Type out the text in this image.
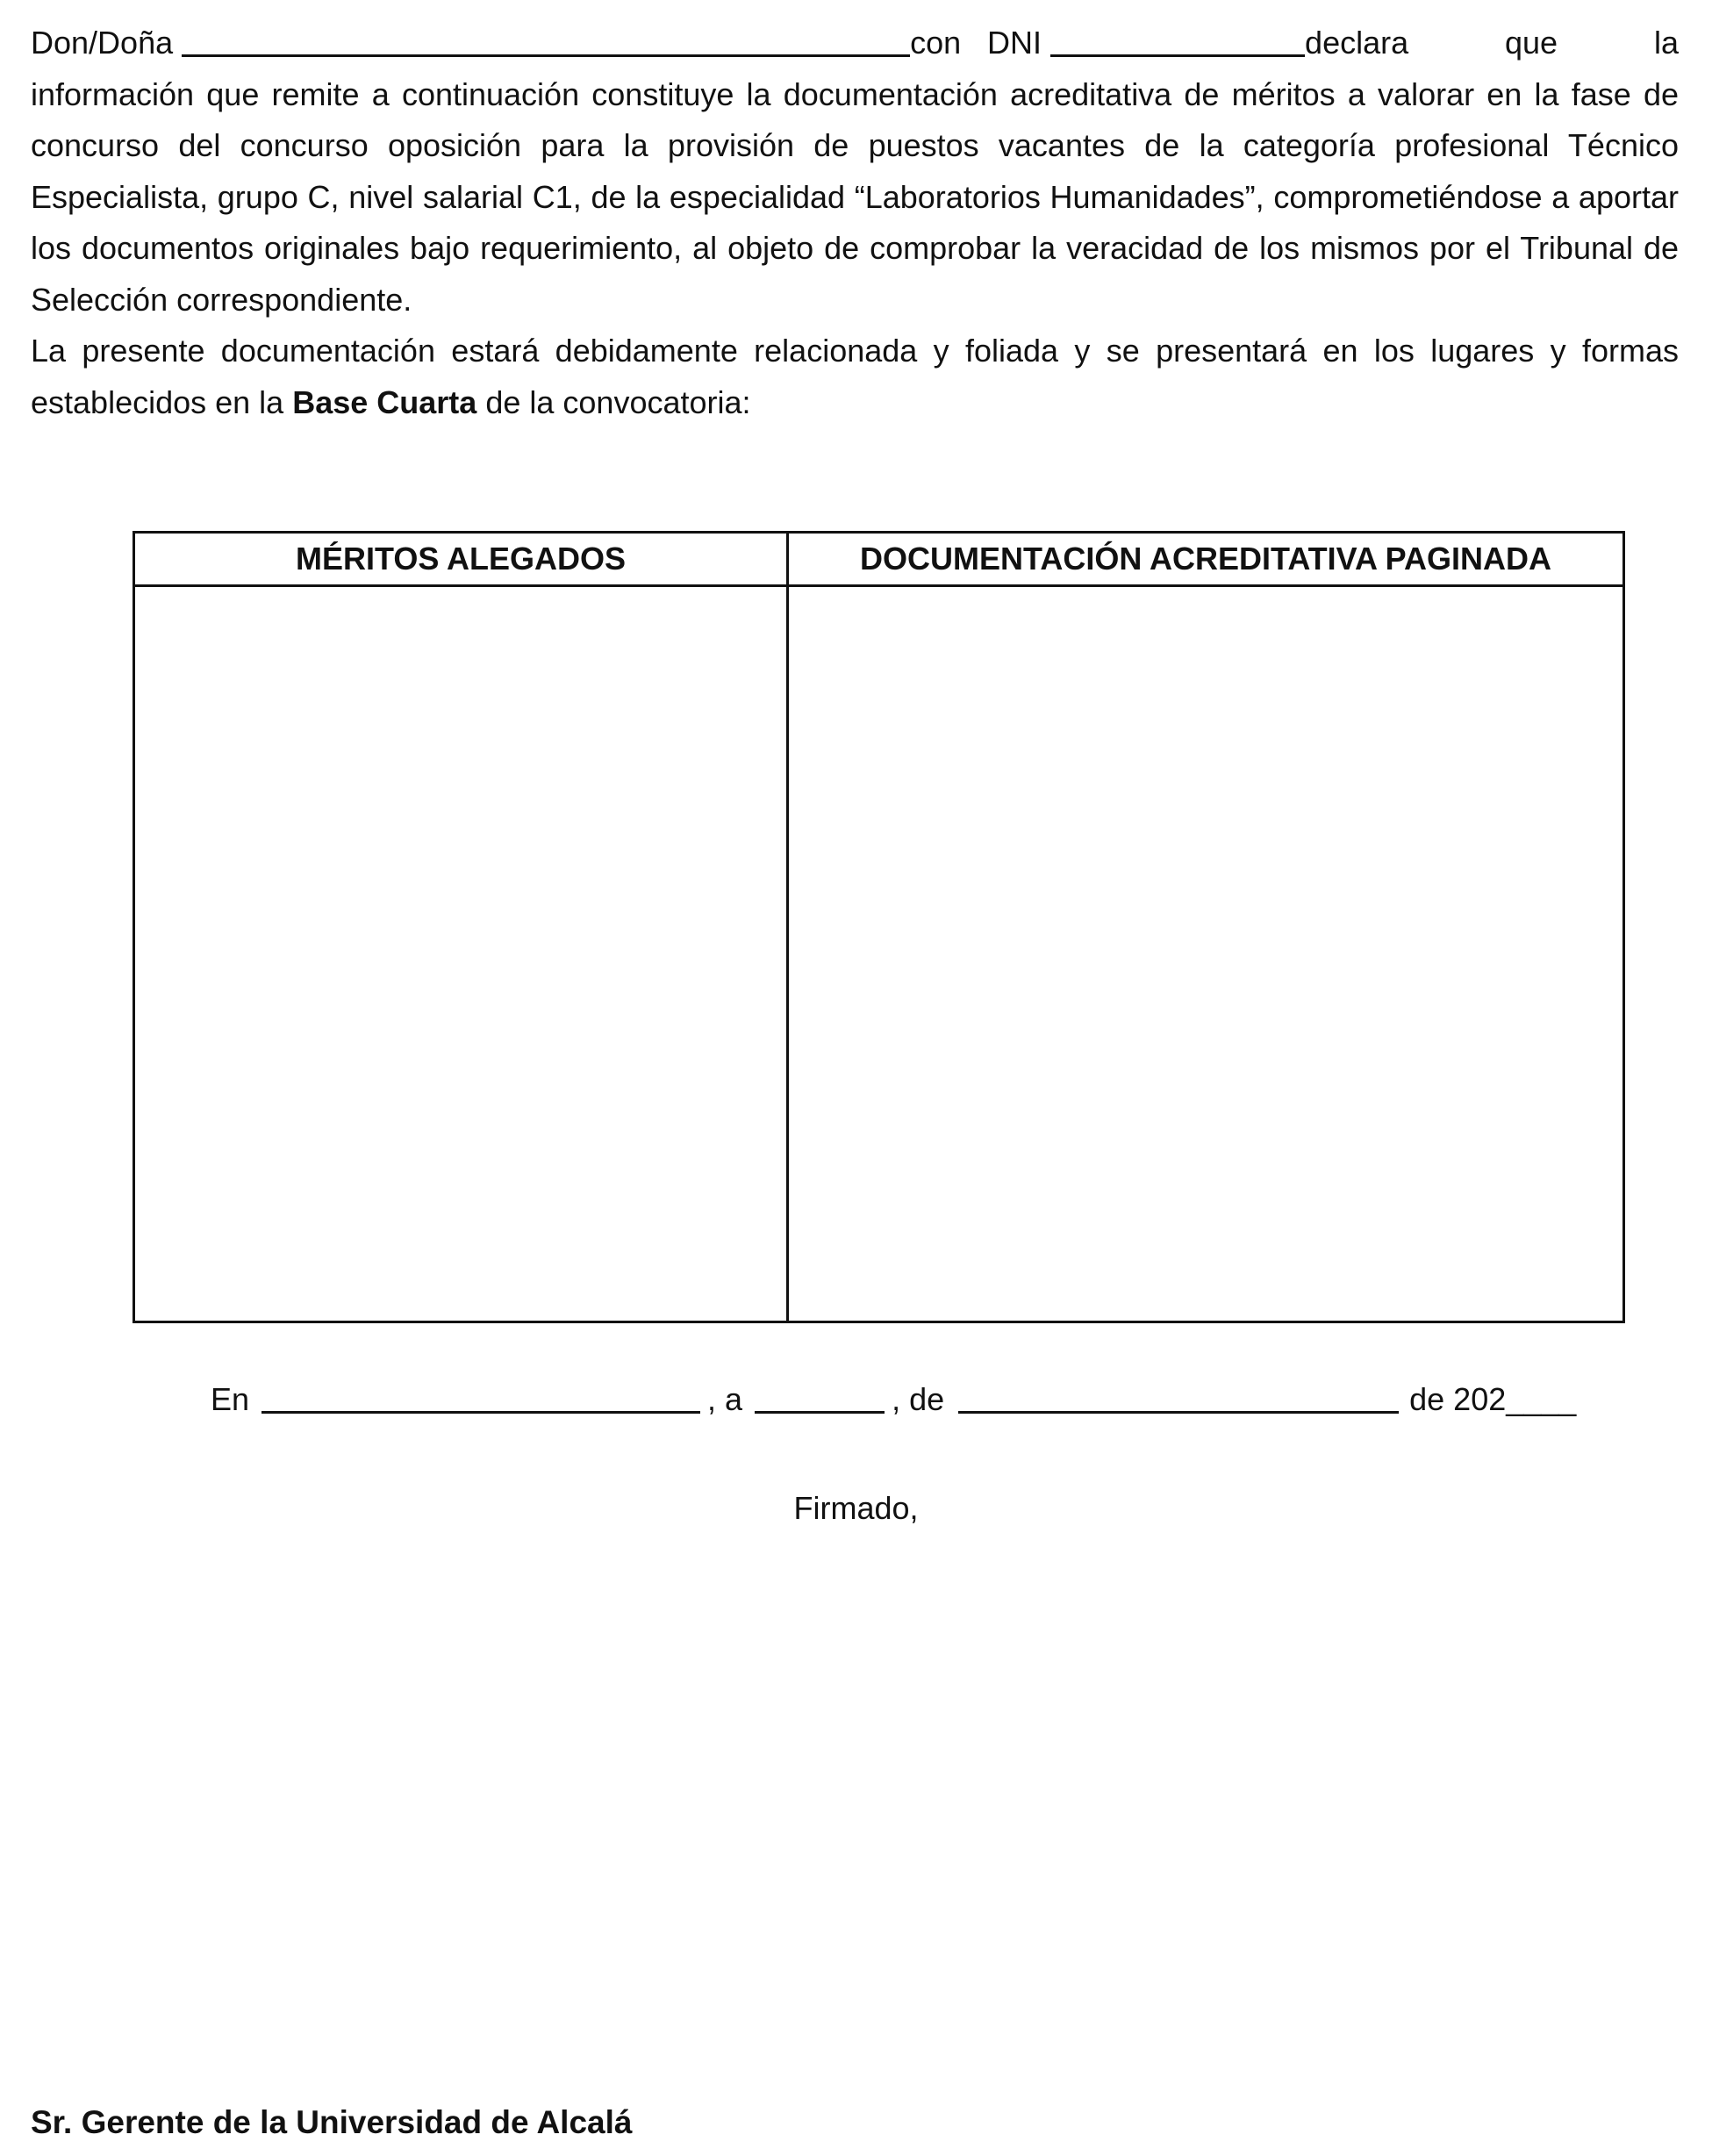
Don/Doña	con DNI	declara que la información que remite a continuación constituye la documentación acreditativa de méritos a valorar en la fase de concurso del concurso oposición para la provisión de puestos vacantes de la categoría profesional Técnico Especialista, grupo C, nivel salarial C1, de la especialidad “Laboratorios Humanidades”, comprometiéndose a aportar los documentos originales bajo requerimiento, al objeto de comprobar la veracidad de los mismos por el Tribunal de Selección correspondiente.

La presente documentación estará debidamente relacionada y foliada y se presentará en los lugares y formas establecidos en la Base Cuarta de la convocatoria:

MÉRITOS ALEGADOS	DOCUMENTACIÓN ACREDITATIVA PAGINADA

En	, a	, de	de 202____
Firmado,
Sr. Gerente de la Universidad de Alcalá
